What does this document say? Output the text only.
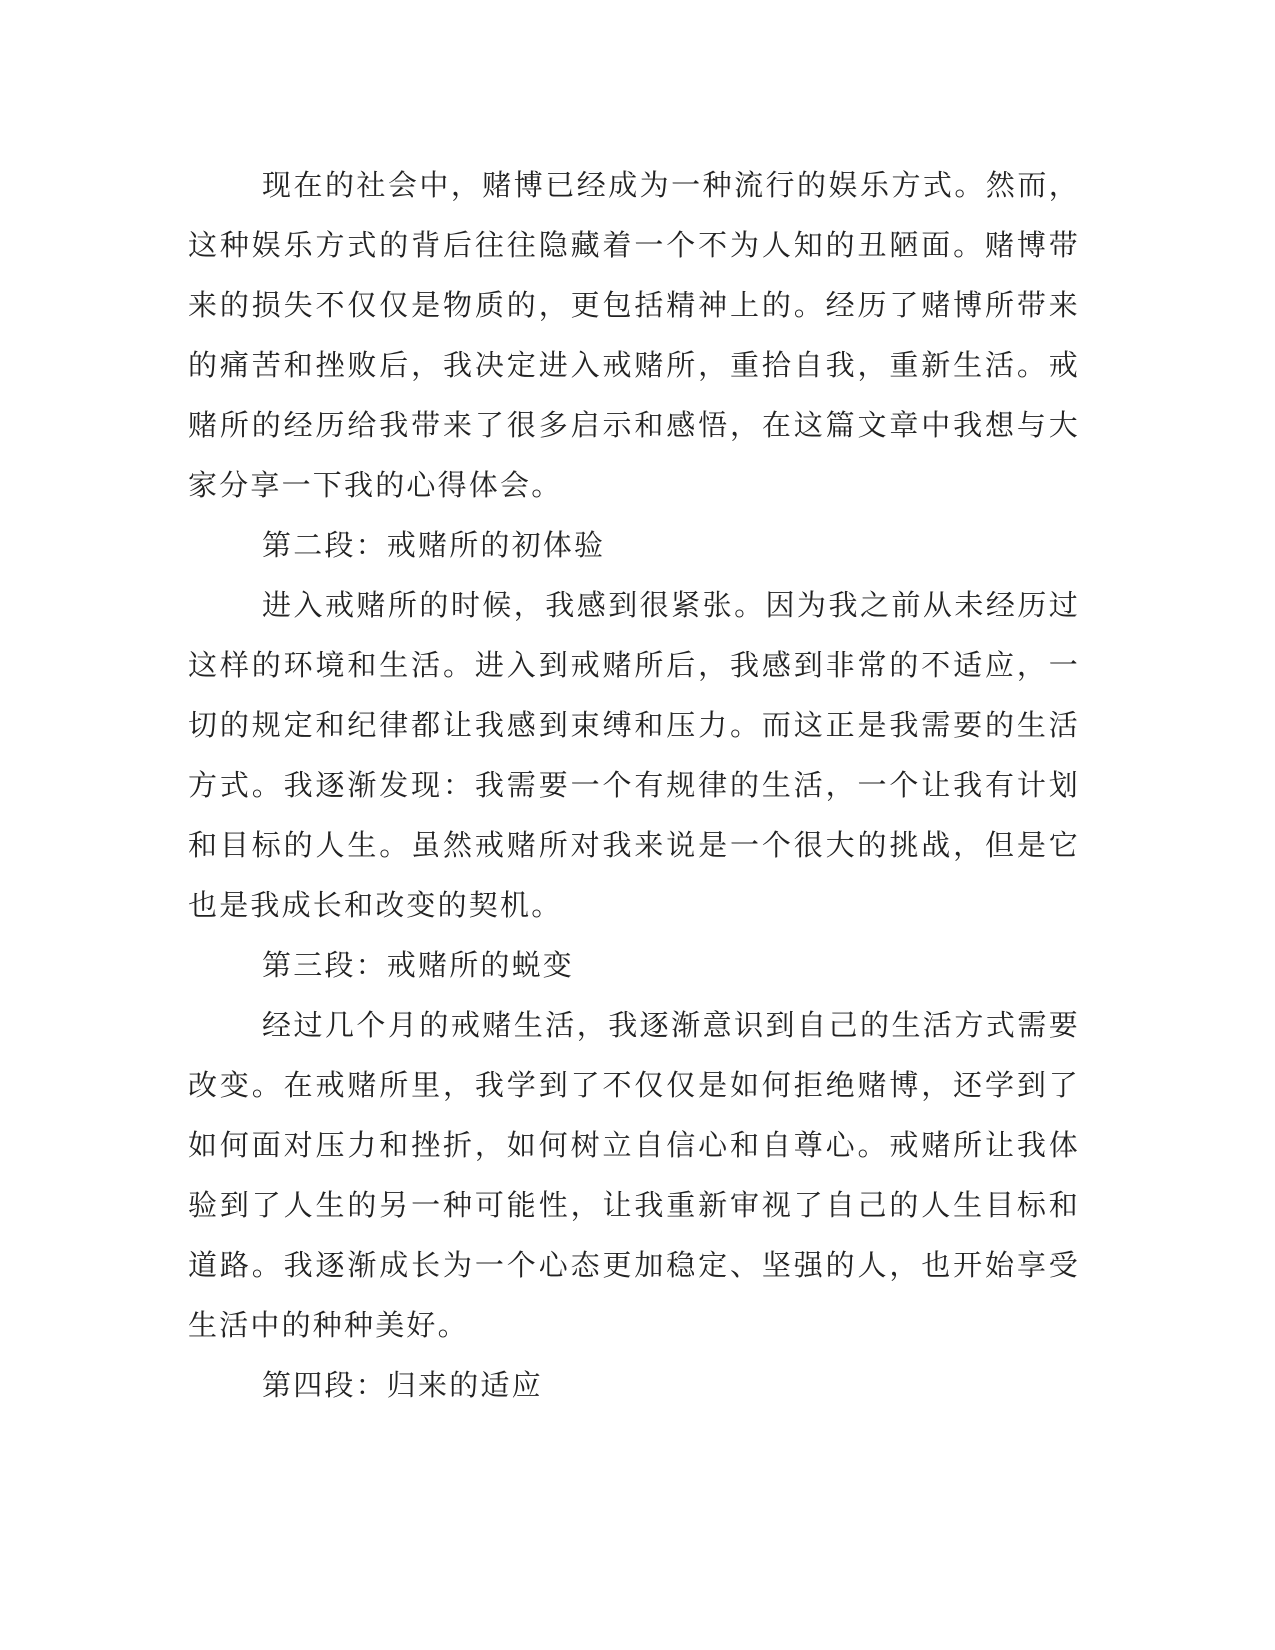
现在的社会中，赌博已经成为一种流行的娱乐方式。然而，这种娱乐方式的背后往往隐藏着一个不为人知的丑陋面。赌博带来的损失不仅仅是物质的，更包括精神上的。经历了赌博所带来的痛苦和挫败后，我决定进入戒赌所，重拾自我，重新生活。戒赌所的经历给我带来了很多启示和感悟，在这篇文章中我想与大家分享一下我的心得体会。

第二段：戒赌所的初体验

进入戒赌所的时候，我感到很紧张。因为我之前从未经历过这样的环境和生活。进入到戒赌所后，我感到非常的不适应，一切的规定和纪律都让我感到束缚和压力。而这正是我需要的生活方式。我逐渐发现：我需要一个有规律的生活，一个让我有计划和目标的人生。虽然戒赌所对我来说是一个很大的挑战，但是它也是我成长和改变的契机。

第三段：戒赌所的蜕变

经过几个月的戒赌生活，我逐渐意识到自己的生活方式需要改变。在戒赌所里，我学到了不仅仅是如何拒绝赌博，还学到了如何面对压力和挫折，如何树立自信心和自尊心。戒赌所让我体验到了人生的另一种可能性，让我重新审视了自己的人生目标和道路。我逐渐成长为一个心态更加稳定、坚强的人，也开始享受生活中的种种美好。

第四段：归来的适应
